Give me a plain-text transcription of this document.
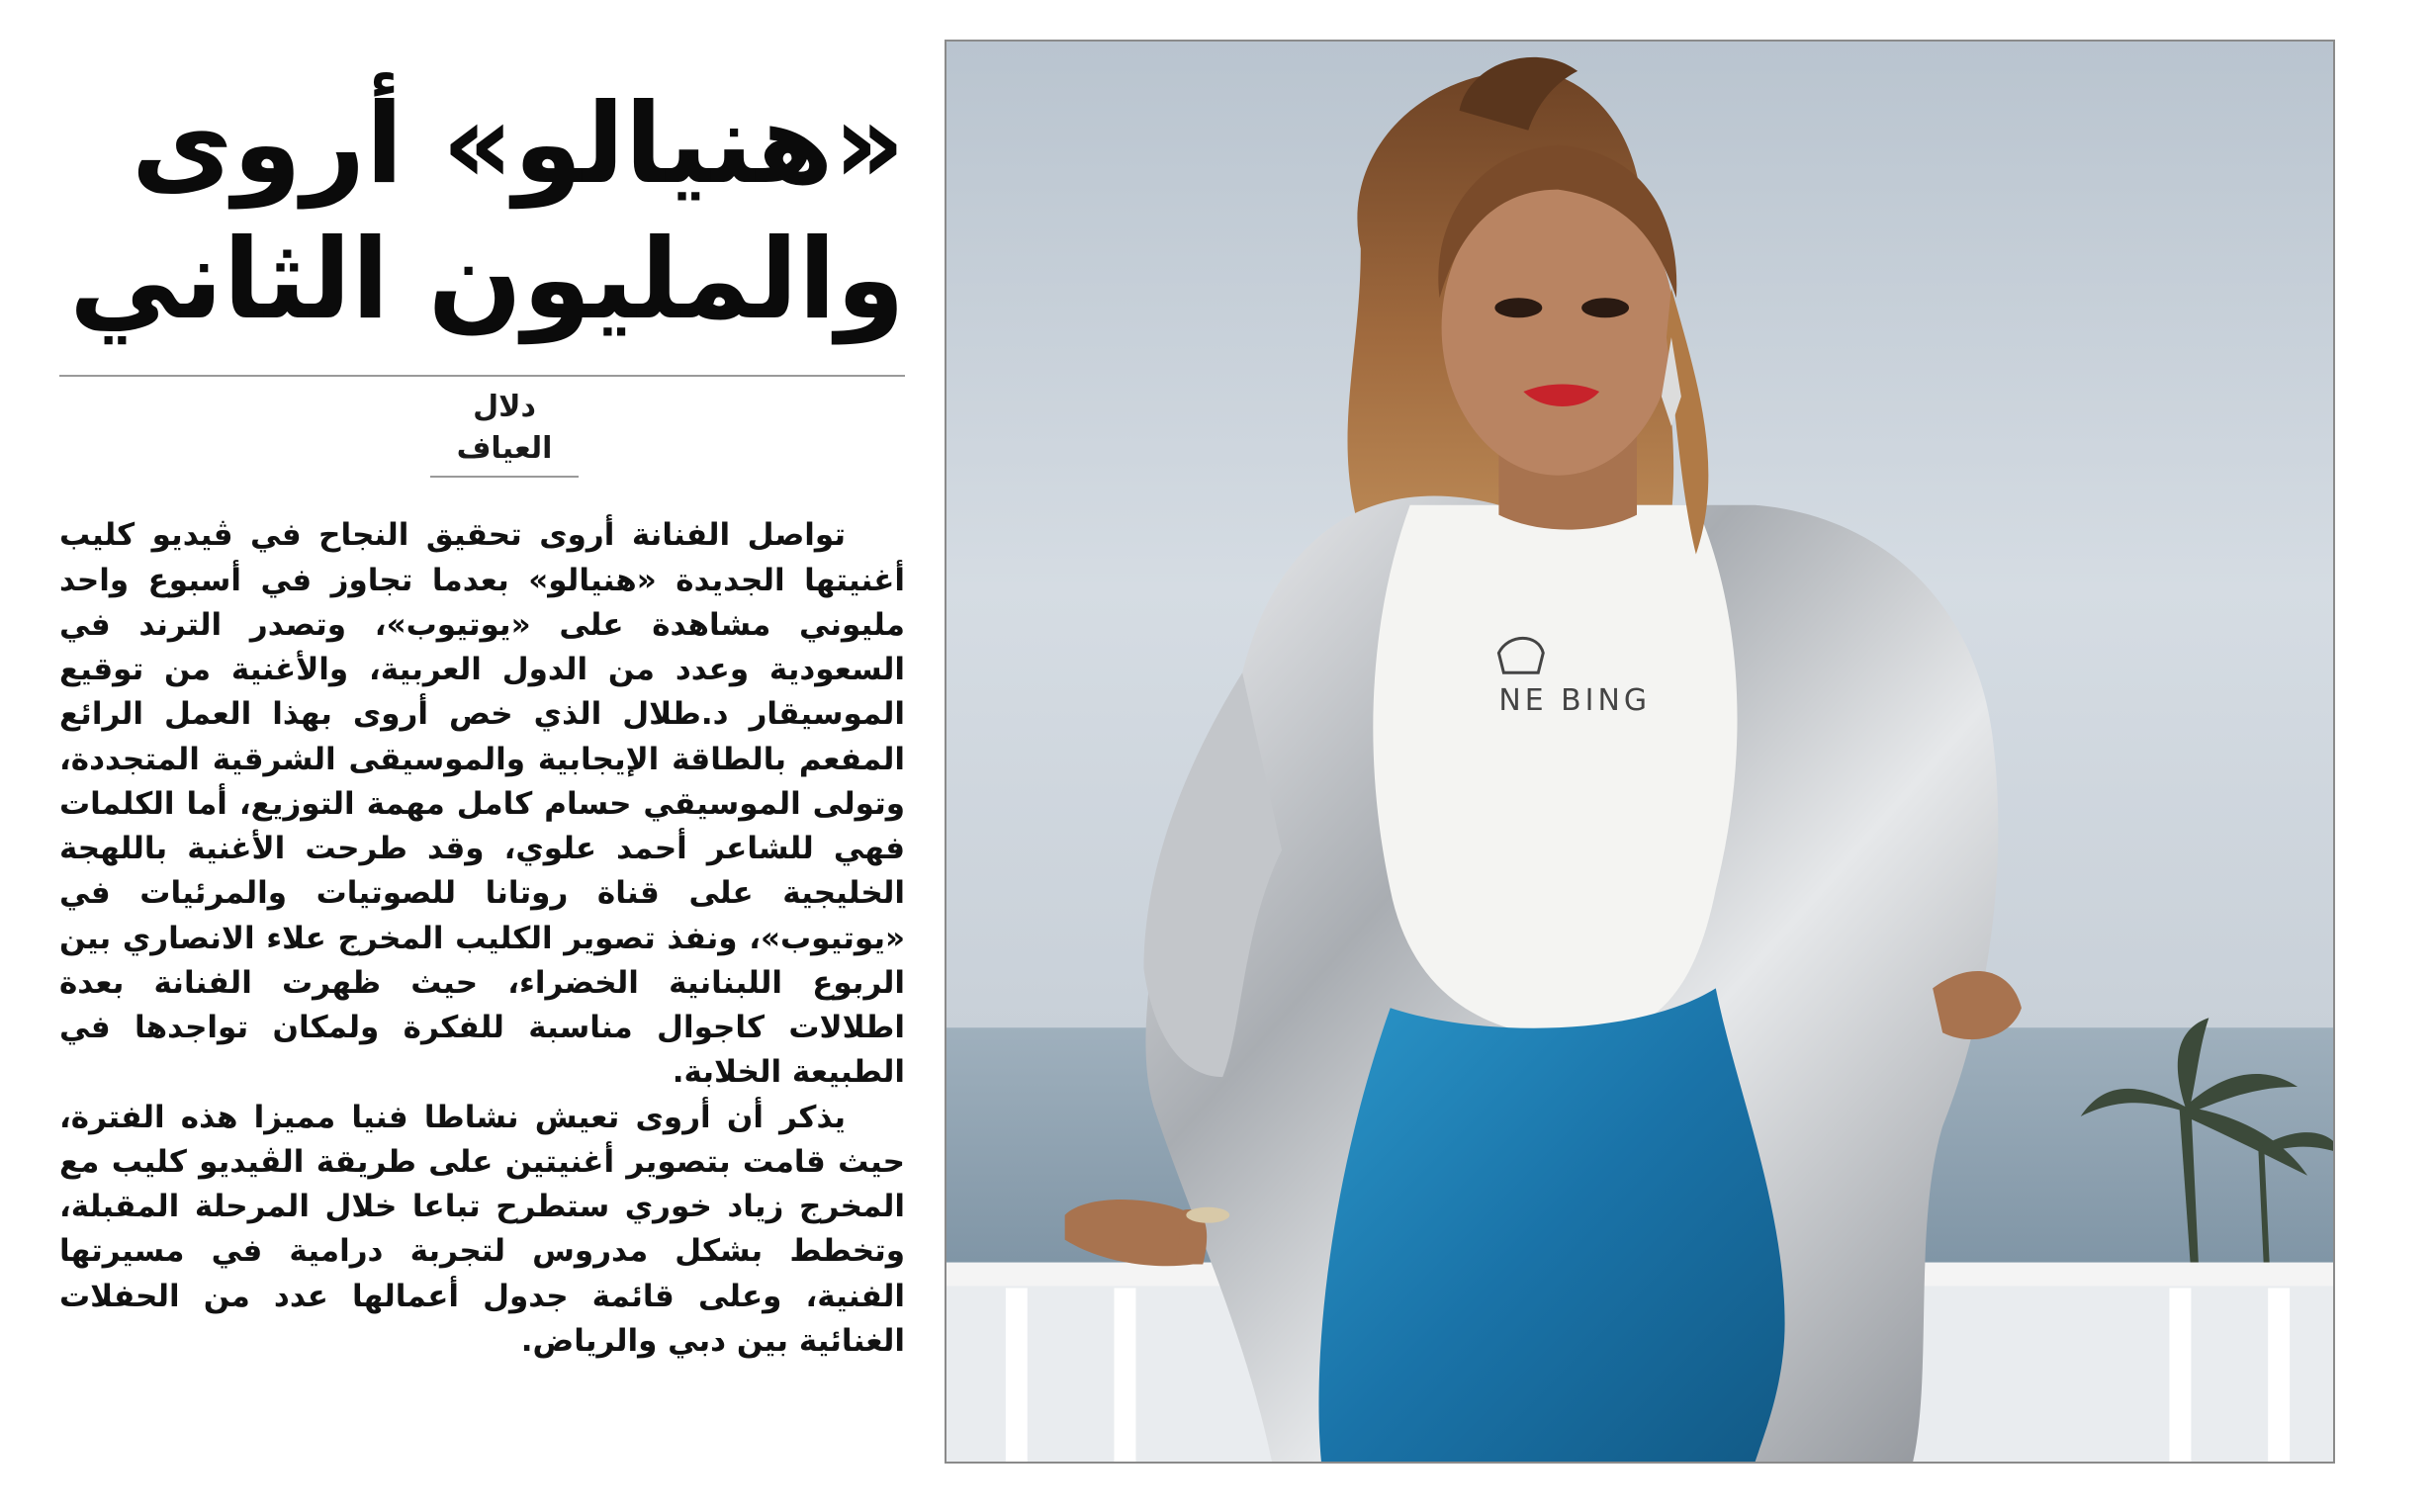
«هنيالو» أروى
والمليون الثاني
دلال العياف

تواصل الفنانة أروى تحقيق النجاح في ڤيديو كليب أغنيتها الجديدة «هنيالو» بعدما تجاوز في أسبوع واحد مليوني مشاهدة على «يوتيوب»، وتصدر الترند في السعودية وعدد من الدول العربية، والأغنية من توقيع الموسيقار د.طلال الذي خص أروى بهذا العمل الرائع المفعم بالطاقة الإيجابية والموسيقى الشرقية المتجددة، وتولى الموسيقي حسام كامل مهمة التوزيع، أما الكلمات فهي للشاعر أحمد علوي، وقد طرحت الأغنية باللهجة الخليجية على قناة روتانا للصوتيات والمرئيات في «يوتيوب»، ونفذ تصوير الكليب المخرج علاء الانصاري بين الربوع اللبنانية الخضراء، حيث ظهرت الفنانة بعدة اطلالات كاجوال مناسبة للفكرة ولمكان تواجدها في الطبيعة الخلابة.

يذكر أن أروى تعيش نشاطا فنيا مميزا هذه الفترة، حيث قامت بتصوير أغنيتين على طريقة الڤيديو كليب مع المخرج زياد خوري ستطرح تباعا خلال المرحلة المقبلة، وتخطط بشكل مدروس لتجربة درامية في مسيرتها الفنية، وعلى قائمة جدول أعمالها عدد من الحفلات الغنائية بين دبي والرياض.

NE BING
